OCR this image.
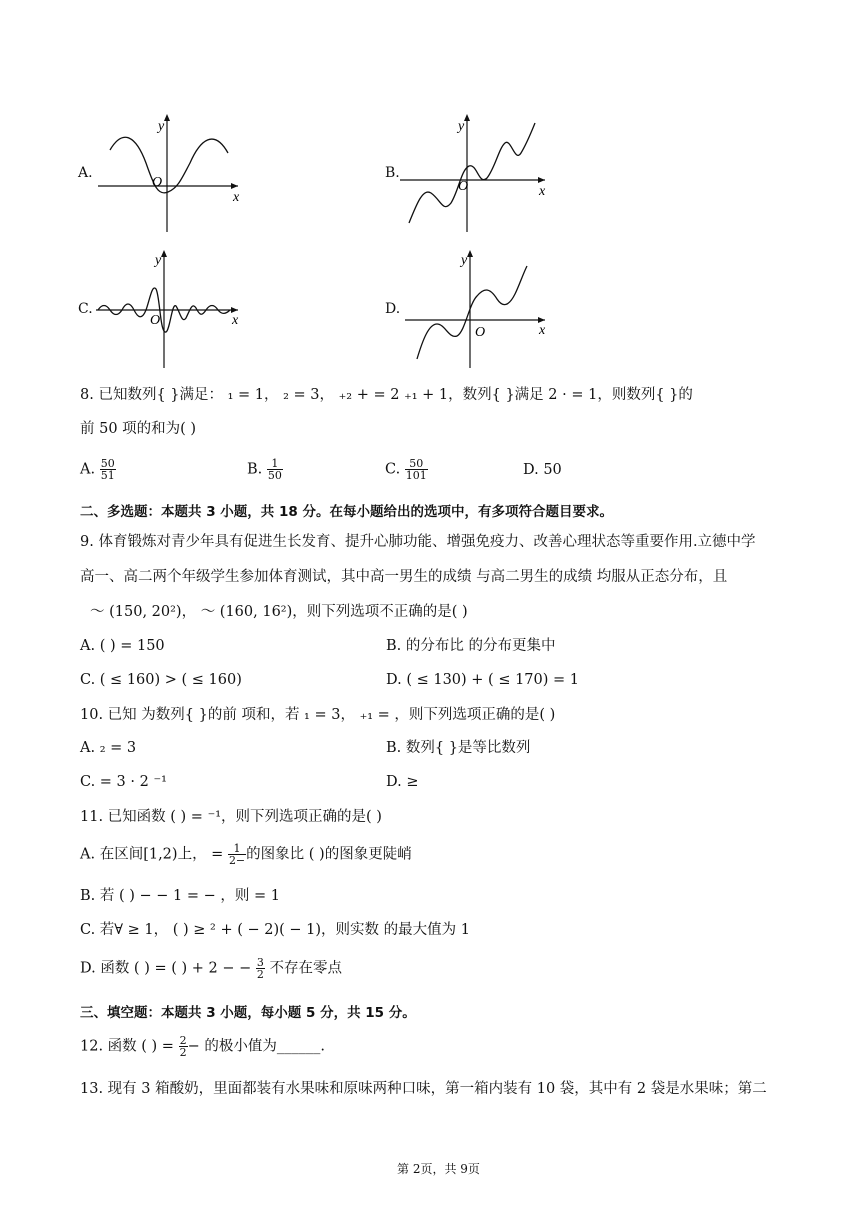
A.
y
x
O
B.
y
x
O
C.
y
x
O
D.
y
x
O
8. 已知数列{ }满足： ₁ = 1， ₂ = 3， ₊₂ + = 2 ₊₁ + 1，数列{ }满足 2 · = 1，则数列{ }的
前 50 项的和为( )
A. $\frac{50}{51}$	B. $\frac{1}{50}$	C. $\frac{50}{101}$	D. 50
二、多选题：本题共 3 小题，共 18 分。在每小题给出的选项中，有多项符合题目要求。
9. 体育锻炼对青少年具有促进生长发育、提升心肺功能、增强免疫力、改善心理状态等重要作用.立德中学
高一、高二两个年级学生参加体育测试，其中高一男生的成绩 与高二男生的成绩 均服从正态分布，且
～ (150, 20²)， ～ (160, 16²)，则下列选项不正确的是( )
A. ( ) = 150	B. 的分布比 的分布更集中
C. ( ≤ 160) > ( ≤ 160)	D. ( ≤ 130) + ( ≤ 170) = 1
10. 已知 为数列{ }的前 项和，若 ₁ = 3， ₊₁ = ，则下列选项正确的是( )
A. ₂ = 3	B. 数列{ }是等比数列
C. = 3 · 2 ⁻¹	D. ≥
11. 已知函数 ( ) = ⁻¹，则下列选项正确的是( )
A. 在区间[1,2)上， = $\frac{1}{2-}$ 的图象比 ( )的图象更陡峭
B. 若 ( ) − − 1 = − ，则 = 1
C. 若∀ ≥ 1， ( ) ≥ ² + ( − 2)( − 1)，则实数 的最大值为 1
D. 函数 ( ) = ( ) + 2 − − $\frac{3}{2}$ 不存在零点
三、填空题：本题共 3 小题，每小题 5 分，共 15 分。
12. 函数 ( ) = $\frac{2}{2}$ − 的极小值为______.
13. 现有 3 箱酸奶，里面都装有水果味和原味两种口味，第一箱内装有 10 袋，其中有 2 袋是水果味；第二
第 2页，共 9页
